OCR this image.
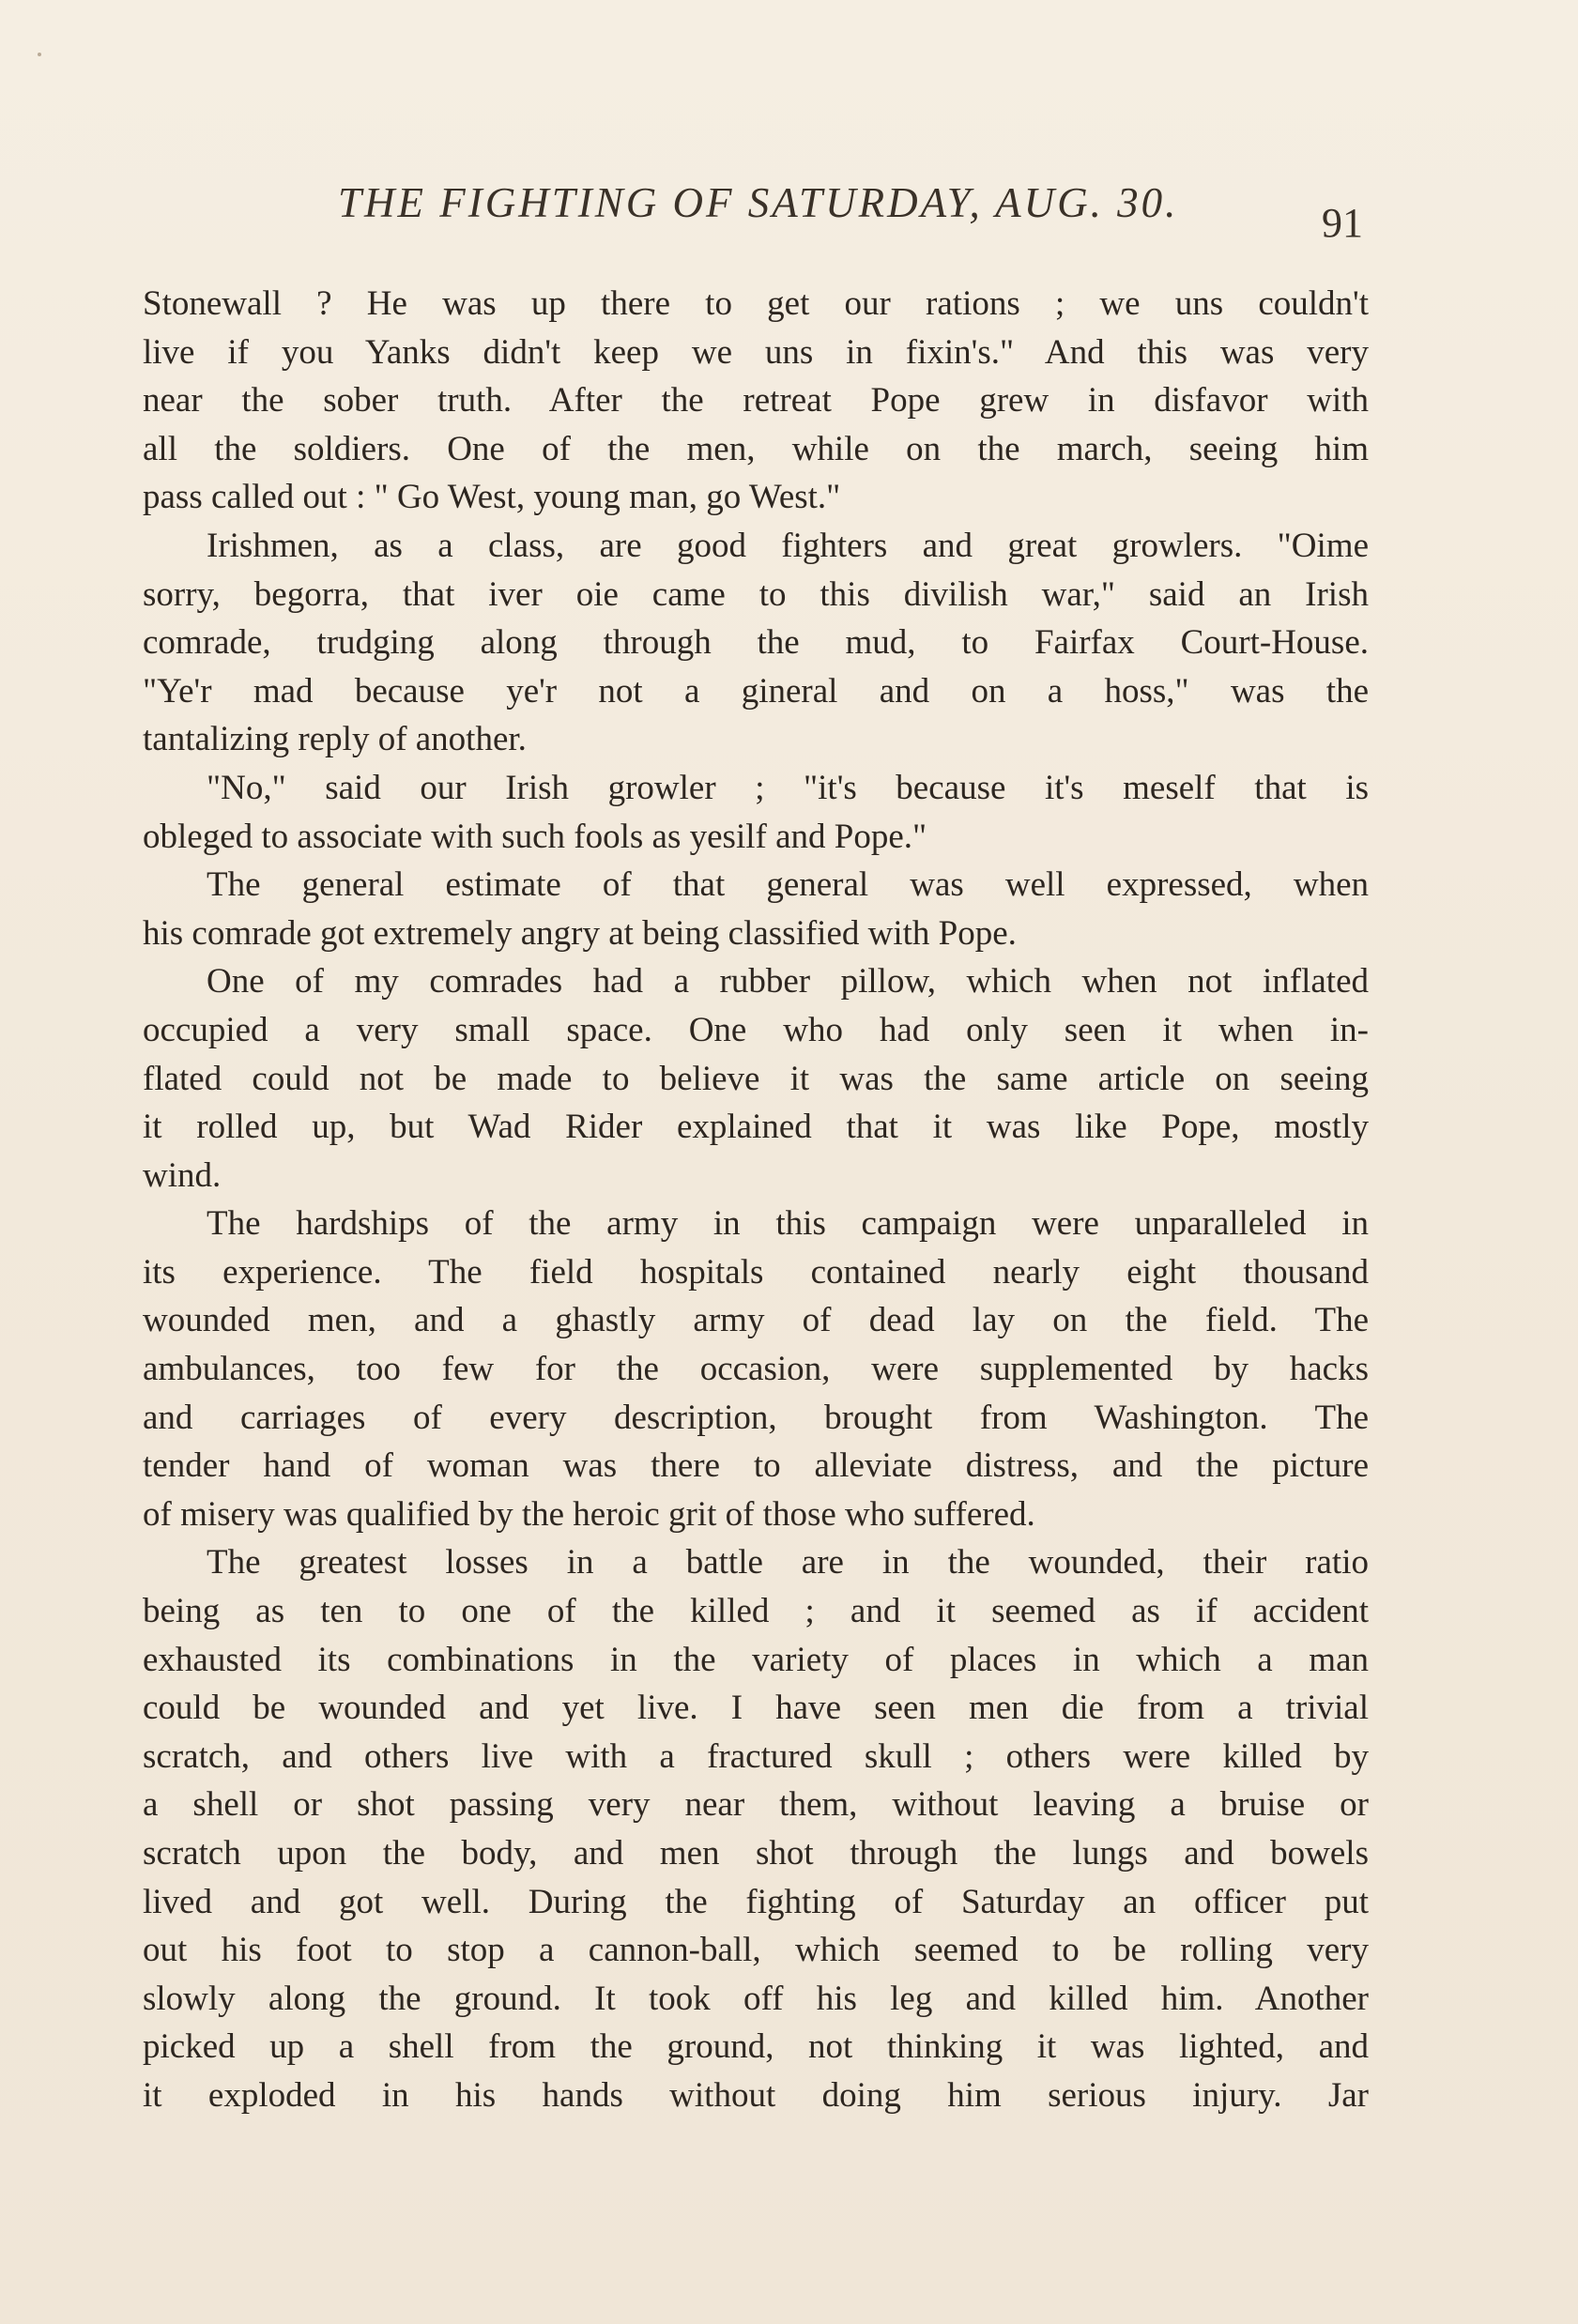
THE FIGHTING OF SATURDAY, AUG. 30.	91
Stonewall ? He was up there to get our rations ; we uns couldn't
live if you Yanks didn't keep we uns in fixin's." And this was very
near the sober truth. After the retreat Pope grew in disfavor with
all the soldiers. One of the men, while on the march, seeing him
pass called out : " Go West, young man, go West."
Irishmen, as a class, are good fighters and great growlers. "Oime
sorry, begorra, that iver oie came to this divilish war," said an Irish
comrade, trudging along through the mud, to Fairfax Court-House.
"Ye'r mad because ye'r not a gineral and on a hoss," was the
tantalizing reply of another.
"No," said our Irish growler ; "it's because it's meself that is
obleged to associate with such fools as yesilf and Pope."
The general estimate of that general was well expressed, when
his comrade got extremely angry at being classified with Pope.
One of my comrades had a rubber pillow, which when not inflated
occupied a very small space. One who had only seen it when in-
flated could not be made to believe it was the same article on seeing
it rolled up, but Wad Rider explained that it was like Pope, mostly
wind.
The hardships of the army in this campaign were unparalleled in
its experience. The field hospitals contained nearly eight thousand
wounded men, and a ghastly army of dead lay on the field. The
ambulances, too few for the occasion, were supplemented by hacks
and carriages of every description, brought from Washington. The
tender hand of woman was there to alleviate distress, and the picture
of misery was qualified by the heroic grit of those who suffered.
The greatest losses in a battle are in the wounded, their ratio
being as ten to one of the killed ; and it seemed as if accident
exhausted its combinations in the variety of places in which a man
could be wounded and yet live. I have seen men die from a trivial
scratch, and others live with a fractured skull ; others were killed by
a shell or shot passing very near them, without leaving a bruise or
scratch upon the body, and men shot through the lungs and bowels
lived and got well. During the fighting of Saturday an officer put
out his foot to stop a cannon-ball, which seemed to be rolling very
slowly along the ground. It took off his leg and killed him. Another
picked up a shell from the ground, not thinking it was lighted, and
it exploded in his hands without doing him serious injury. Jar
